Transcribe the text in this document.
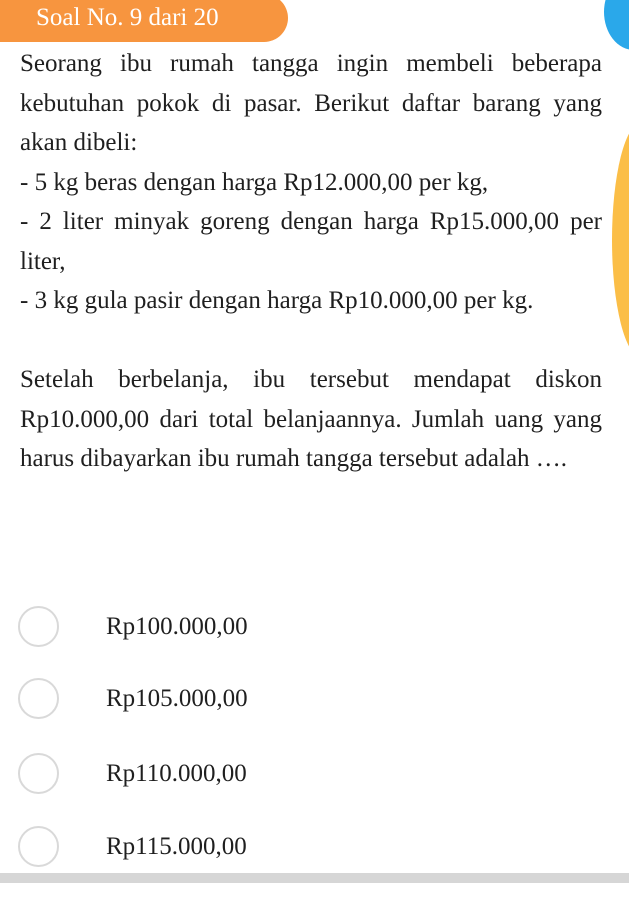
Soal No. 9 dari 20

Seorang ibu rumah tangga ingin membeli beberapa kebutuhan pokok di pasar. Berikut daftar barang yang akan dibeli:

- 5 kg beras dengan harga Rp12.000,00 per kg,

- 2 liter minyak goreng dengan harga Rp15.000,00 per liter,

- 3 kg gula pasir dengan harga Rp10.000,00 per kg.

Setelah berbelanja, ibu tersebut mendapat diskon Rp10.000,00 dari total belanjaannya. Jumlah uang yang harus dibayarkan ibu rumah tangga tersebut adalah ….

Rp100.000,00
Rp105.000,00
Rp110.000,00
Rp115.000,00
